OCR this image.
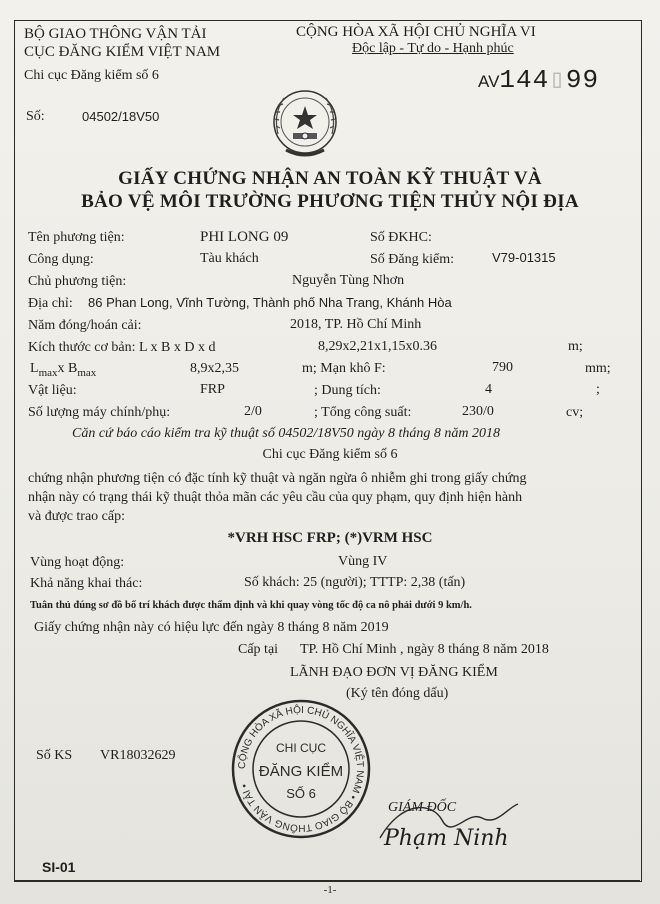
BỘ GIAO THÔNG VẬN TẢI
CỤC ĐĂNG KIỂM VIỆT NAM
Chi cục Đăng kiểm số 6
CỘNG HÒA XÃ HỘI CHỦ NGHĨA VI
Độc lập - Tự do - Hạnh phúc
AV144▯99
Số:	04502/18V50
GIẤY CHỨNG NHẬN AN TOÀN KỸ THUẬT VÀ
BẢO VỆ MÔI TRƯỜNG PHƯƠNG TIỆN THỦY NỘI ĐỊA
Tên phương tiện:	PHI LONG 09	Số ĐKHC:
Công dụng:	Tàu khách	Số Đăng kiểm:	V79-01315
Chủ phương tiện:	Nguyễn Tùng Nhơn
Địa chỉ: 86 Phan Long, Vĩnh Tường, Thành phố Nha Trang, Khánh Hòa
Năm đóng/hoán cải:	2018, TP. Hồ Chí Minh
Kích thước cơ bản: L x B x D x d	8,29x2,21x1,15x0.36	m;
$L_{max}x$ $B_{max}$	8,9x2,35	m; Mạn khô F:	790	mm;
Vật liệu:	FRP	; Dung tích:	4	;
Số lượng máy chính/phụ:	2/0	; Tổng công suất:	230/0	cv;
Căn cứ báo cáo kiểm tra kỹ thuật số 04502/18V50 ngày 8 tháng 8 năm 2018
Chi cục Đăng kiểm số 6
chứng nhận phương tiện có đặc tính kỹ thuật và ngăn ngừa ô nhiễm ghi trong giấy chứng
nhận này có trạng thái kỹ thuật thỏa mãn các yêu cầu của quy phạm, quy định hiện hành
và được trao cấp:
*VRH HSC FRP; (*)VRM HSC
Vùng hoạt động:	Vùng IV
Khả năng khai thác:	Số khách: 25 (người); TTTP: 2,38 (tấn)
Tuân thủ đúng sơ đồ bố trí khách được thẩm định và khi quay vòng tốc độ ca nô phải dưới 9 km/h.
Giấy chứng nhận này có hiệu lực đến ngày 8 tháng 8 năm 2019
Cấp tại TP. Hồ Chí Minh , ngày 8 tháng 8 năm 2018
LÃNH ĐẠO ĐƠN VỊ ĐĂNG KIỂM
(Ký tên đóng dấu)
Số KS VR18032629
CỘNG HÒA XÃ HỘI CHỦ NGHĨA VIỆT NAM • BỘ GIAO THÔNG VẬN TẢI •
CHI CỤC
ĐĂNG KIỂM
SỐ 6
GIÁM ĐỐC
Phạm Ninh
SI-01
-1-
